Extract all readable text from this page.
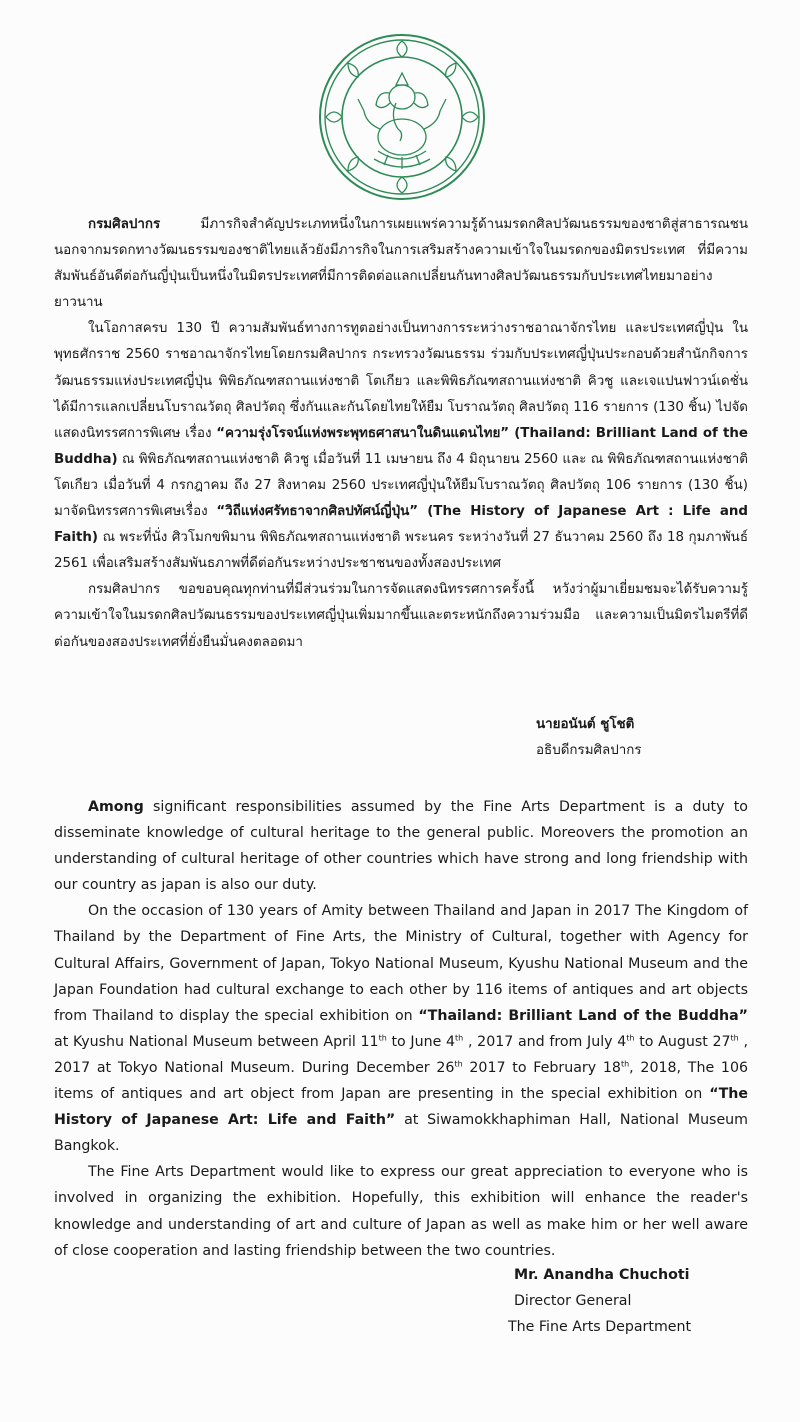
กรมศิลปากร	มีภารกิจสำคัญประเภทหนึ่งในการเผยแพร่ความรู้ด้านมรดกศิลปวัฒนธรรมของชาติสู่สาธารณชนนอกจากมรดกทางวัฒนธรรมของชาติไทยแล้วยังมีภารกิจในการเสริมสร้างความเข้าใจในมรดกของมิตรประเทศ ที่มีความสัมพันธ์อันดีต่อกันญี่ปุ่นเป็นหนึ่งในมิตรประเทศที่มีการติดต่อแลกเปลี่ยนกันทางศิลปวัฒนธรรมกับประเทศไทยมาอย่างยาวนาน

ในโอกาสครบ 130 ปี ความสัมพันธ์ทางการทูตอย่างเป็นทางการระหว่างราชอาณาจักรไทย และประเทศญี่ปุ่น ในพุทธศักราช 2560 ราชอาณาจักรไทยโดยกรมศิลปากร กระทรวงวัฒนธรรม ร่วมกับประเทศญี่ปุ่นประกอบด้วยสำนักกิจการวัฒนธรรมแห่งประเทศญี่ปุ่น พิพิธภัณฑสถานแห่งชาติ โตเกียว และพิพิธภัณฑสถานแห่งชาติ คิวชู และเจแปนฟาวน์เดชั่น ได้มีการแลกเปลี่ยนโบราณวัตถุ ศิลปวัตถุ ซึ่งกันและกันโดยไทยให้ยืม โบราณวัตถุ ศิลปวัตถุ 116 รายการ (130 ชิ้น) ไปจัดแสดงนิทรรศการพิเศษ เรื่อง “ความรุ่งโรจน์แห่งพระพุทธศาสนาในดินแดนไทย” (Thailand: Brilliant Land of the Buddha) ณ พิพิธภัณฑสถานแห่งชาติ คิวชู เมื่อวันที่ 11 เมษายน ถึง 4 มิถุนายน 2560 และ ณ พิพิธภัณฑสถานแห่งชาติ โตเกียว เมื่อวันที่ 4 กรกฎาคม ถึง 27 สิงหาคม 2560 ประเทศญี่ปุ่นให้ยืมโบราณวัตถุ ศิลปวัตถุ 106 รายการ (130 ชิ้น) มาจัดนิทรรศการพิเศษเรื่อง “วิถีแห่งศรัทธาจากศิลปทัศน์ญี่ปุ่น” (The History of Japanese Art : Life and Faith) ณ พระที่นั่ง ศิวโมกขพิมาน พิพิธภัณฑสถานแห่งชาติ พระนคร ระหว่างวันที่ 27 ธันวาคม 2560 ถึง 18 กุมภาพันธ์ 2561 เพื่อเสริมสร้างสัมพันธภาพที่ดีต่อกันระหว่างประชาชนของทั้งสองประเทศ

กรมศิลปากร ขอขอบคุณทุกท่านที่มีส่วนร่วมในการจัดแสดงนิทรรศการครั้งนี้ หวังว่าผู้มาเยี่ยมชมจะได้รับความรู้ความเข้าใจในมรดกศิลปวัฒนธรรมของประเทศญี่ปุ่นเพิ่มมากขึ้นและตระหนักถึงความร่วมมือ และความเป็นมิตรไมตรีที่ดีต่อกันของสองประเทศที่ยั่งยืนมั่นคงตลอดมา

นายอนันต์ ชูโชติ
อธิบดีกรมศิลปากร

Among significant responsibilities assumed by the Fine Arts Department is a duty to disseminate knowledge of cultural heritage to the general public. Moreovers the promotion an understanding of cultural heritage of other countries which have strong and long friendship with our country as japan is also our duty.

On the occasion of 130 years of Amity between Thailand and Japan in 2017 The Kingdom of Thailand by the Department of Fine Arts, the Ministry of Cultural, together with Agency for Cultural Affairs, Government of Japan, Tokyo National Museum, Kyushu National Museum and the Japan Foundation had cultural exchange to each other by 116 items of antiques and art objects from Thailand to display the special exhibition on “Thailand: Brilliant Land of the Buddha” at Kyushu National Museum between April 11th to June 4th , 2017 and from July 4th to August 27th , 2017 at Tokyo National Museum. During December 26th 2017 to February 18th, 2018, The 106 items of antiques and art object from Japan are presenting in the special exhibition on “The History of Japanese Art: Life and Faith” at Siwamokkhaphiman Hall, National Museum Bangkok.

The Fine Arts Department would like to express our great appreciation to everyone who is involved in organizing the exhibition. Hopefully, this exhibition will enhance the reader's knowledge and understanding of art and culture of Japan as well as make him or her well aware of close cooperation and lasting friendship between the two countries.

Mr. Anandha Chuchoti
Director General
The Fine Arts Department
